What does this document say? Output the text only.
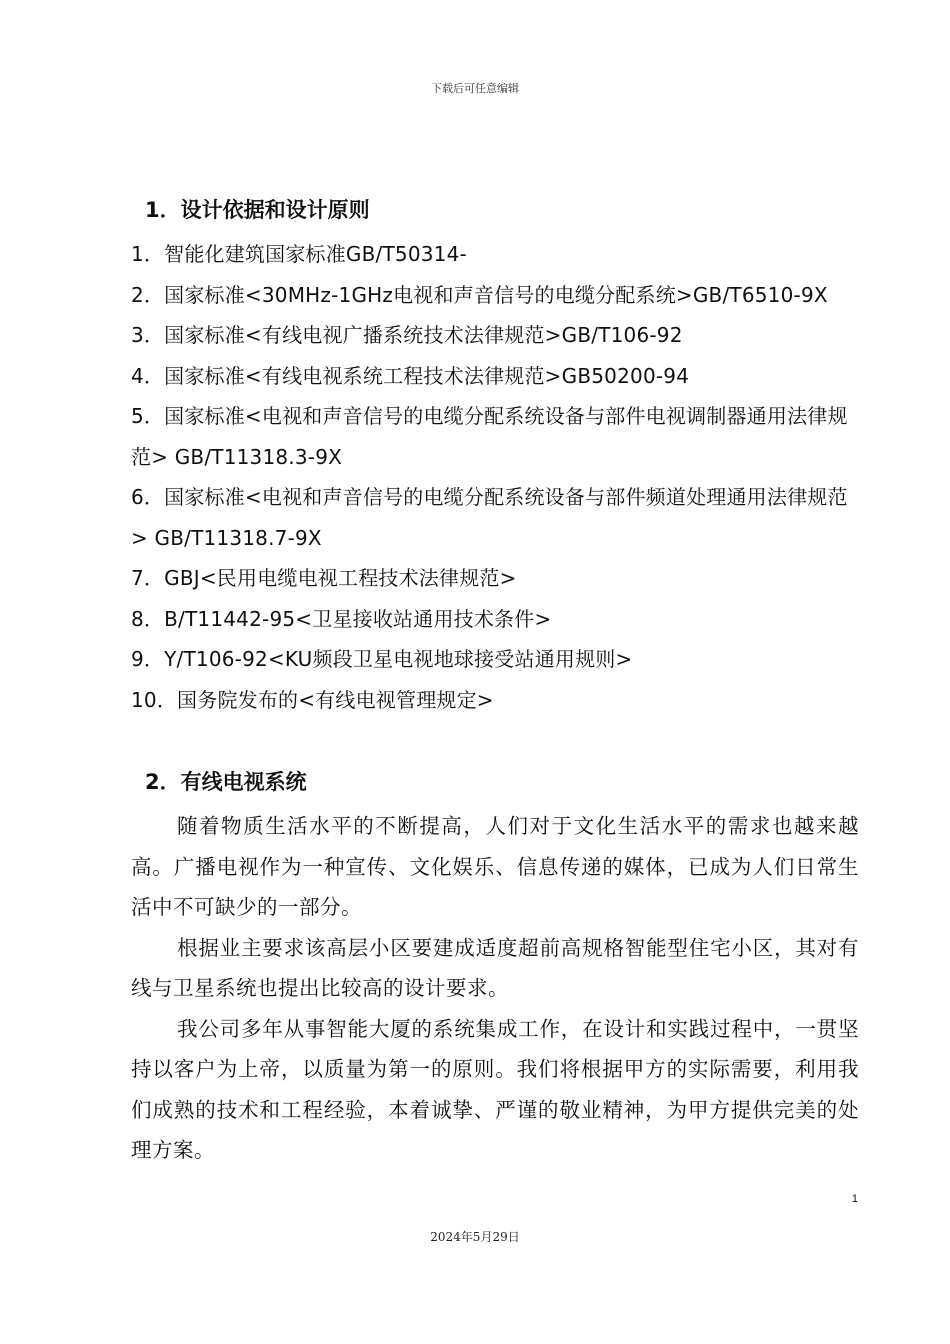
下载后可任意编辑
1．设计依据和设计原则
1．智能化建筑国家标准GB/T50314-
2．国家标准<30MHz-1GHz电视和声音信号的电缆分配系统>GB/T6510-9X
3．国家标准<有线电视广播系统技术法律规范>GB/T106-92
4．国家标准<有线电视系统工程技术法律规范>GB50200-94
5．国家标准<电视和声音信号的电缆分配系统设备与部件电视调制器通用法律规范> GB/T11318.3-9X
6．国家标准<电视和声音信号的电缆分配系统设备与部件频道处理通用法律规范> GB/T11318.7-9X
7．GBJ<民用电缆电视工程技术法律规范>
8．B/T11442-95<卫星接收站通用技术条件>
9．Y/T106-92<KU频段卫星电视地球接受站通用规则>
10．国务院发布的<有线电视管理规定>
2．有线电视系统

随着物质生活水平的不断提高，人们对于文化生活水平的需求也越来越高。广播电视作为一种宣传、文化娱乐、信息传递的媒体，已成为人们日常生活中不可缺少的一部分。

根据业主要求该高层小区要建成适度超前高规格智能型住宅小区，其对有线与卫星系统也提出比较高的设计要求。

我公司多年从事智能大厦的系统集成工作，在设计和实践过程中，一贯坚持以客户为上帝，以质量为第一的原则。我们将根据甲方的实际需要，利用我们成熟的技术和工程经验，本着诚挚、严谨的敬业精神，为甲方提供完美的处理方案。

1
2024年5月29日
